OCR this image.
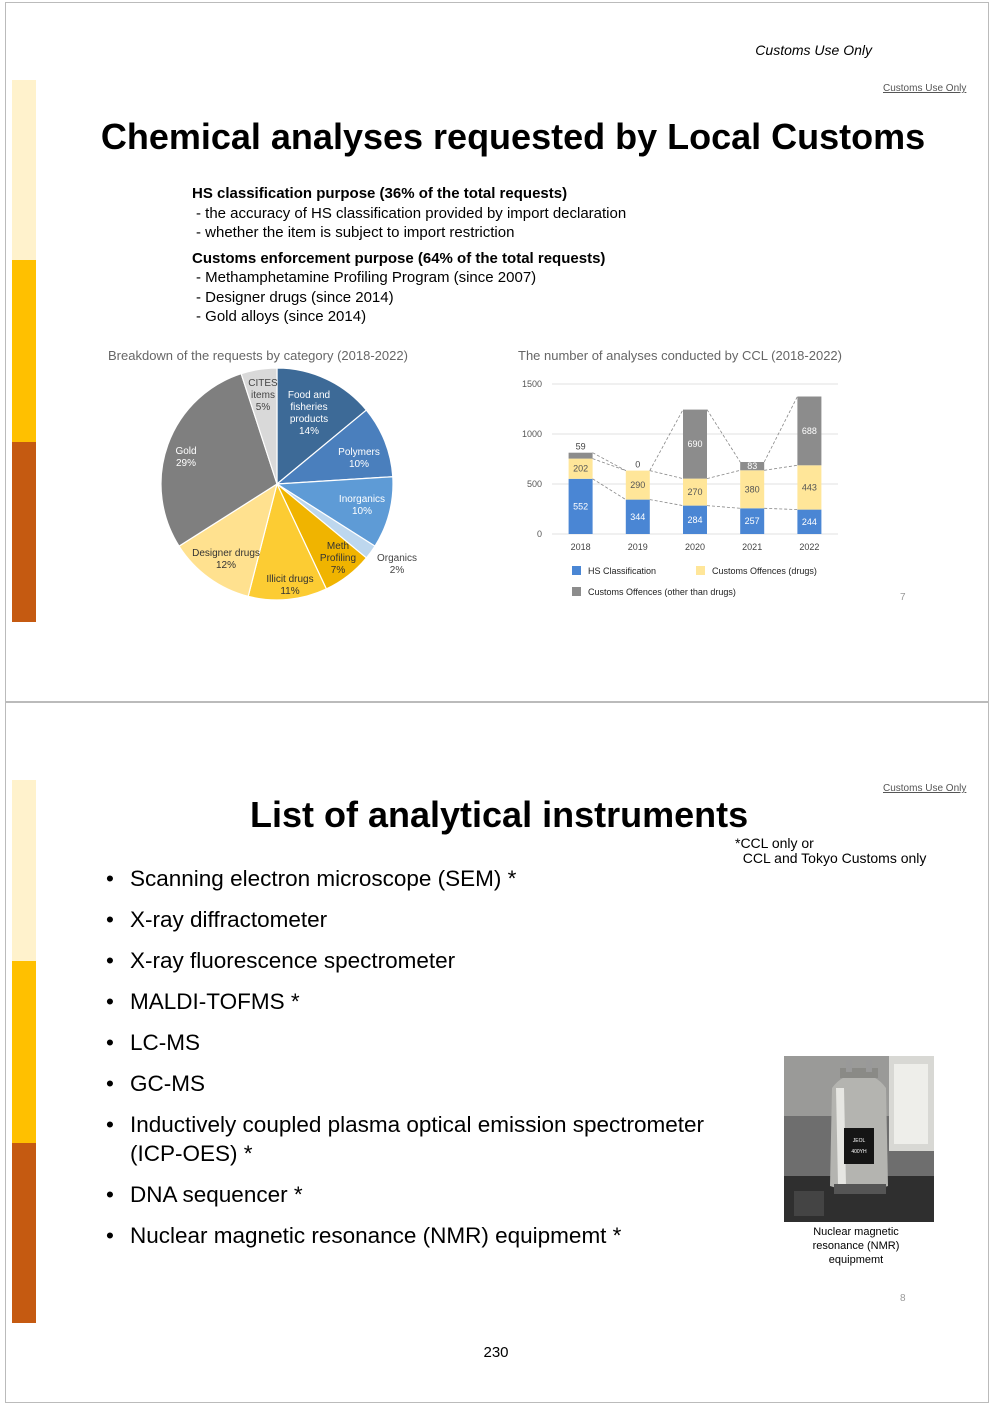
Customs Use Only
Customs Use Only
Chemical analyses requested by Local Customs
HS classification purpose (36% of the total requests)
- the accuracy of HS classification provided by import declaration
- whether the item is subject to import restriction
Customs enforcement purpose (64% of the total requests)
- Methamphetamine Profiling Program (since 2007)
- Designer drugs (since 2014)
- Gold alloys (since 2014)
Breakdown of the requests by category (2018-2022)	The number of analyses conducted by CCL (2018-2022)
Food and
fisheries
products
14%
Polymers
10%
Inorganics
10%
Organics
2%
Meth
Profiling
7%
Illicit drugs
11%
Designer drugs
12%
Gold
29%
CITES
items
5%
0
500
1000
1500
552
202
59
2018
344
290
0
2019
284
270
690
2020
257
380
83
2021
244
443
688
2022
HS Classification	Customs Offences (drugs)
Customs Offences (other than drugs)	7
Customs Use Only
List of analytical instruments
*CCL only or
CCL and Tokyo Customs only
• Scanning electron microscope (SEM) *
• X-ray diffractometer
• X-ray fluorescence spectrometer
• MALDI-TOFMS *
• LC-MS
• GC-MS
• Inductively coupled plasma optical emission spectrometer (ICP-OES) *
• DNA sequencer *
• Nuclear magnetic resonance (NMR) equipmemt *
JEOL
400YH
Nuclear magnetic resonance (NMR) equipmemt
8
230
